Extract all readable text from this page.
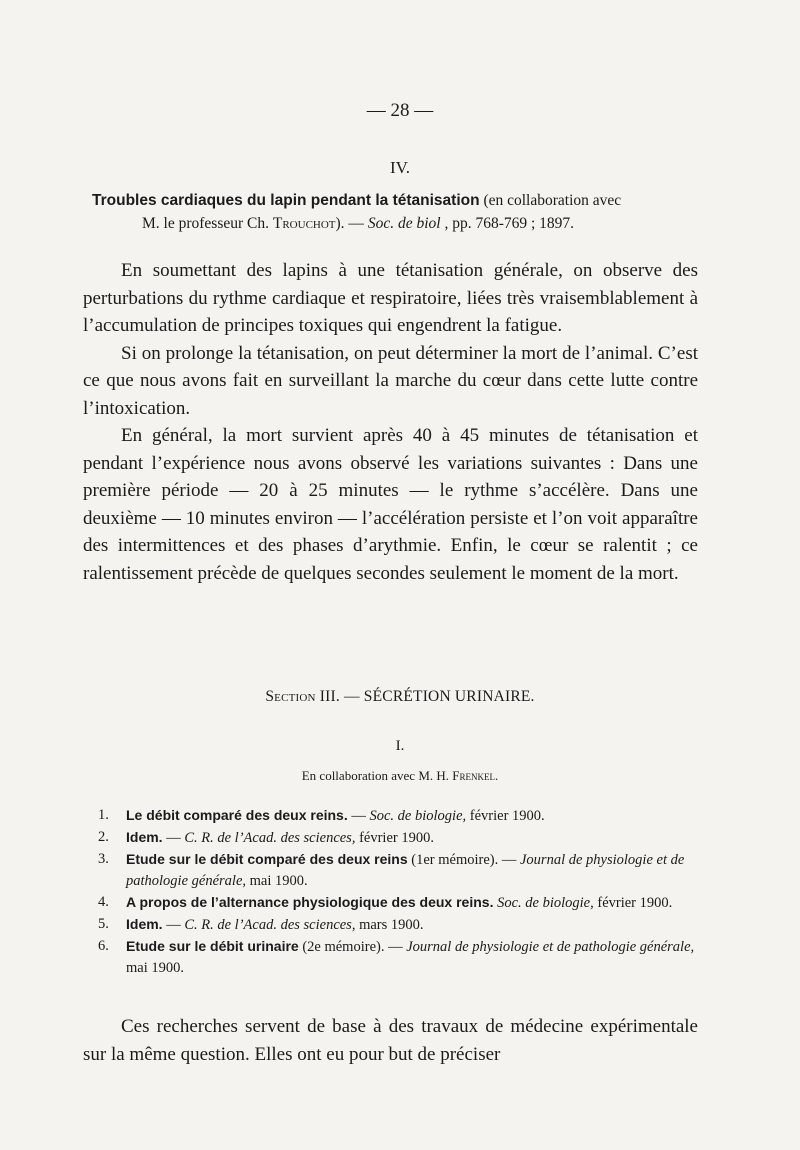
— 28 —
IV.
Troubles cardiaques du lapin pendant la tétanisation (en collaboration avec
M. le professeur Ch. Trouchot). — Soc. de biol , pp. 768-769 ; 1897.

En soumettant des lapins à une tétanisation générale, on observe des perturbations du rythme cardiaque et respiratoire, liées très vraisemblablement à l’accumulation de principes toxiques qui engendrent la fatigue.

Si on prolonge la tétanisation, on peut déterminer la mort de l’animal. C’est ce que nous avons fait en surveillant la marche du cœur dans cette lutte contre l’intoxication.

En général, la mort survient après 40 à 45 minutes de tétanisation et pendant l’expérience nous avons observé les variations suivantes : Dans une première période — 20 à 25 minutes — le rythme s’accélère. Dans une deuxième — 10 minutes environ — l’accélération persiste et l’on voit apparaître des intermittences et des phases d’arythmie. Enfin, le cœur se ralentit ; ce ralentissement précède de quelques secondes seulement le moment de la mort.

Section III. — SÉCRÉTION URINAIRE.
I.
En collaboration avec M. H. Frenkel.
1.	Le débit comparé des deux reins. — Soc. de biologie, février 1900.
2.	Idem. — C. R. de l’Acad. des sciences, février 1900.
3.	Etude sur le débit comparé des deux reins (1er mémoire). — Journal de physiologie et de pathologie générale, mai 1900.
4.	A propos de l’alternance physiologique des deux reins. Soc. de biologie, février 1900.
5.	Idem. — C. R. de l’Acad. des sciences, mars 1900.
6.	Etude sur le débit urinaire (2e mémoire). — Journal de physiologie et de pathologie générale, mai 1900.

Ces recherches servent de base à des travaux de médecine expérimentale sur la même question. Elles ont eu pour but de préciser
